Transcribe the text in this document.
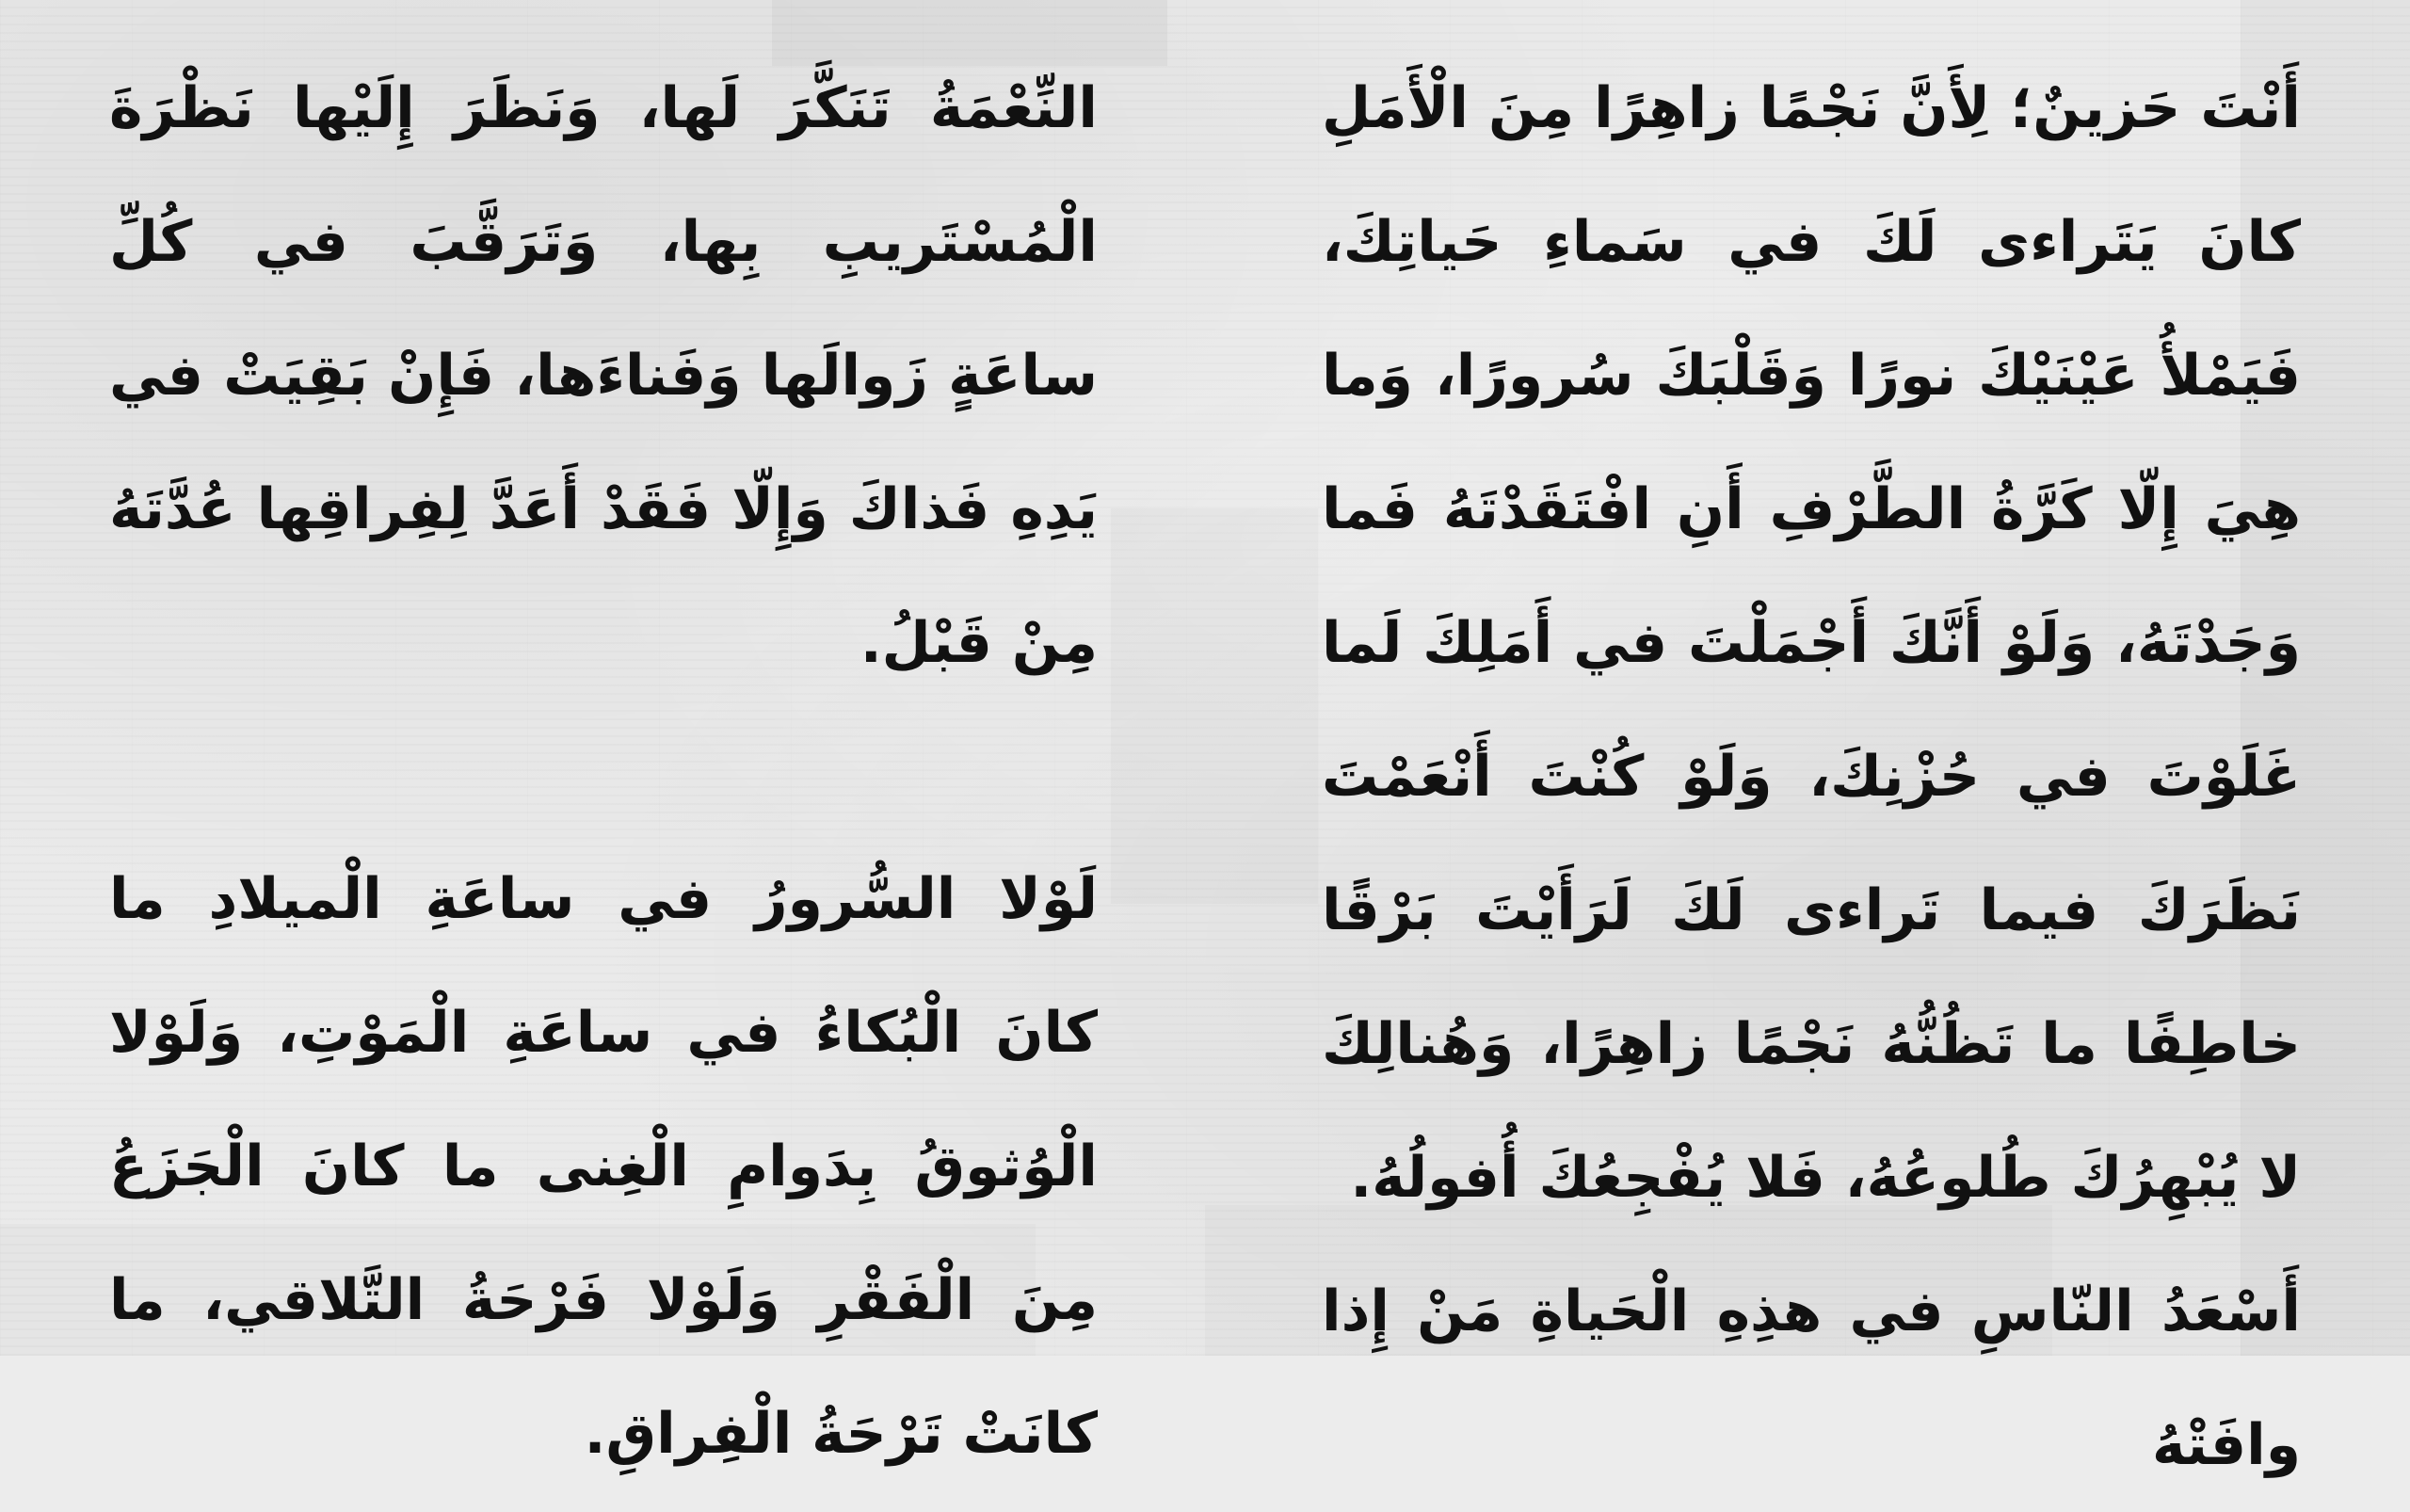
أَنْتَ حَزينٌ؛ لِأَنَّ نَجْمًا زاهِرًا مِنَ الْأَمَلِ كانَ يَتَراءى لَكَ في سَماءِ حَياتِكَ، فَيَمْلأُ عَيْنَيْكَ نورًا وَقَلْبَكَ سُرورًا، وَما هِيَ إِلّا كَرَّةُ الطَّرْفِ أَنِ افْتَقَدْتَهُ فَما وَجَدْتَهُ، وَلَوْ أَنَّكَ أَجْمَلْتَ في أَمَلِكَ لَما غَلَوْتَ في حُزْنِكَ، وَلَوْ كُنْتَ أَنْعَمْتَ نَظَرَكَ فيما تَراءى لَكَ لَرَأَيْتَ بَرْقًا خاطِفًا ما تَظُنُّهُ نَجْمًا زاهِرًا، وَهُنالِكَ لا يُبْهِرُكَ طُلوعُهُ، فَلا يُفْجِعُكَ أُفولُهُ.

أَسْعَدُ النّاسِ في هذِهِ الْحَياةِ مَنْ إِذا وافَتْهُ

النِّعْمَةُ تَنَكَّرَ لَها، وَنَظَرَ إِلَيْها نَظْرَةَ الْمُسْتَريبِ بِها، وَتَرَقَّبَ في كُلِّ ساعَةٍ زَوالَها وَفَناءَها، فَإِنْ بَقِيَتْ في يَدِهِ فَذاكَ وَإِلّا فَقَدْ أَعَدَّ لِفِراقِها عُدَّتَهُ مِنْ قَبْلُ.

لَوْلا السُّرورُ في ساعَةِ الْميلادِ ما كانَ الْبُكاءُ في ساعَةِ الْمَوْتِ، وَلَوْلا الْوُثوقُ بِدَوامِ الْغِنى ما كانَ الْجَزَعُ مِنَ الْفَقْرِ وَلَوْلا فَرْحَةُ التَّلاقي، ما كانَتْ تَرْحَةُ الْفِراقِ.
